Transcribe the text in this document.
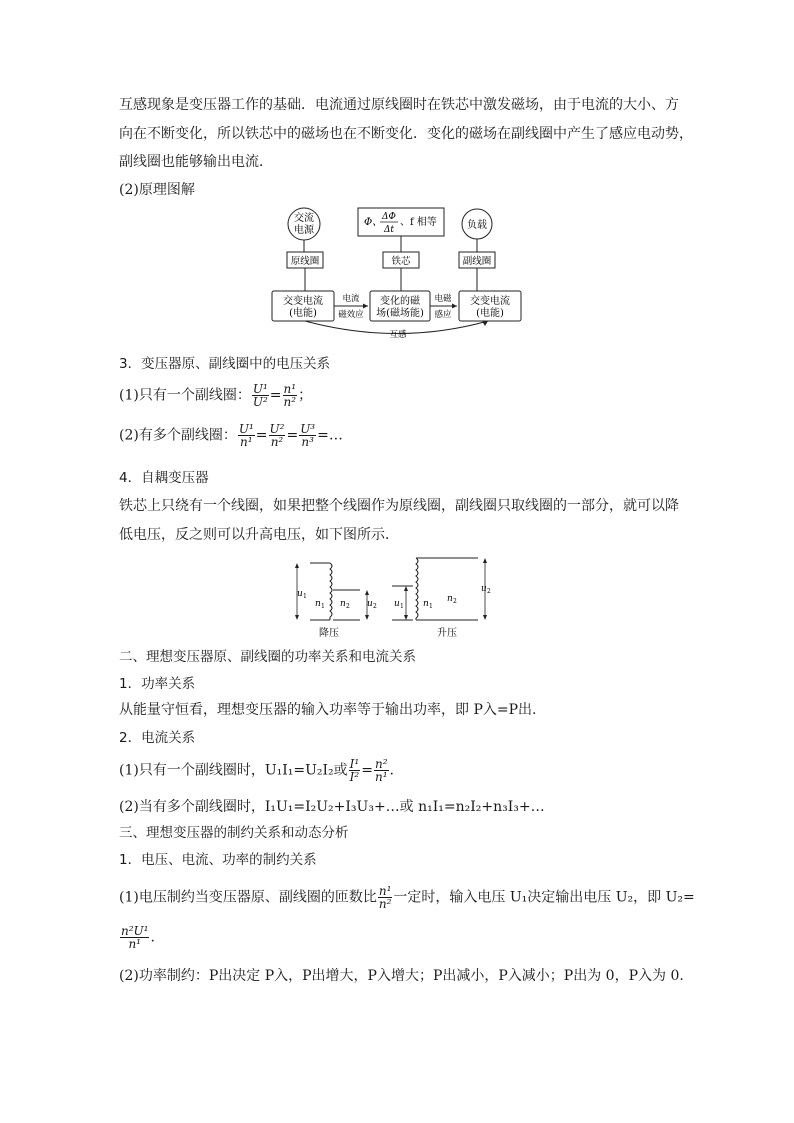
互感现象是变压器工作的基础．电流通过原线圈时在铁芯中激发磁场，由于电流的大小、方
向在不断变化，所以铁芯中的磁场也在不断变化．变化的磁场在副线圈中产生了感应电动势，
副线圈也能够输出电流．
(2)原理图解
交流
电源
Φ、 ΔΦ
Δt
、f 相等	负载
原线圈	铁芯	副线圈
交变电流
(电能)
变化的磁
场(磁场能)
交变电流
(电能)
电流
磁效应
电磁
感应
互感
3．变压器原、副线圈中的电压关系
(1)只有一个副线圈： $\frac{\text{U¹}}{\text{U²}} = \frac{\text{n¹}}{\text{n²}}$ ；
(2)有多个副线圈： $\frac{\text{U¹}}{\text{n¹}} = \frac{\text{U²}}{\text{n²}} = \frac{\text{U³}}{\text{n³}}$ =…
4．自耦变压器
铁芯上只绕有一个线圈，如果把整个线圈作为原线圈，副线圈只取线圈的一部分，就可以降
低电压，反之则可以升高电压，如下图所示．
u 1
n 1 n 2 u 2
降压
u 1 n 1
n 2
u 2
升压
二、理想变压器原、副线圈的功率关系和电流关系
1．功率关系
从能量守恒看，理想变压器的输入功率等于输出功率，即 P入=P出.
2．电流关系
(1)只有一个副线圈时，U₁I₁=U₂I₂或 $\frac{\text{I¹}}{\text{I²}} = \frac{\text{n²}}{\text{n¹}}$ .
(2)当有多个副线圈时，I₁U₁=I₂U₂+I₃U₃+…或 n₁I₁=n₂I₂+n₃I₃+…
三、理想变压器的制约关系和动态分析
1．电压、电流、功率的制约关系
(1)电压制约当变压器原、副线圈的匝数比 $\frac{\text{n¹}}{\text{n²}}$ 一定时，输入电压 U₁决定输出电压 U₂，即 U₂=
$\frac{\text{n²U¹}}{\text{n¹}}$ .
(2)功率制约：P出决定 P入，P出增大，P入增大；P出减小，P入减小；P出为 0，P入为 0.
